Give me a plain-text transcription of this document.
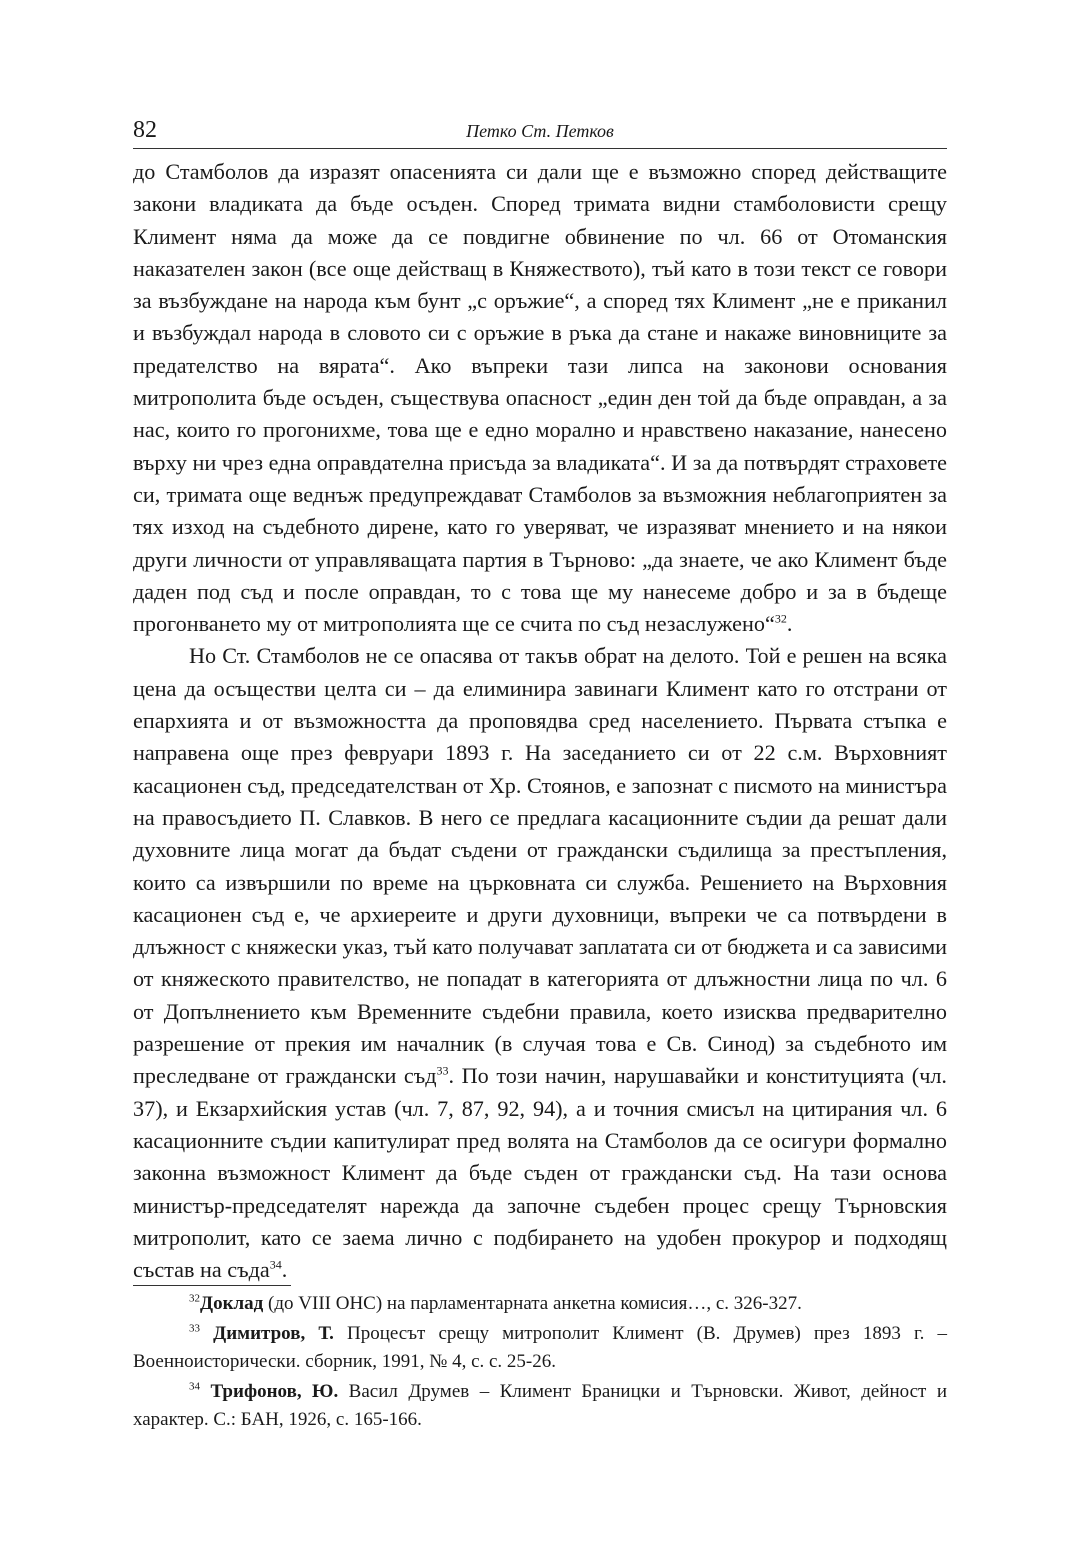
82	Петко Ст. Петков

до Стамболов да изразят опасенията си дали ще е възможно според действащите закони владиката да бъде осъден. Според тримата видни стамболовисти срещу Климент няма да може да се повдигне обвинение по чл. 66 от Отоманския наказателен закон (все още действащ в Княжеството), тъй като в този текст се говори за възбуждане на народа към бунт „с оръжие“, а според тях Климент „не е приканил и възбуждал народа в словото си с оръжие в ръка да стане и накаже виновниците за предателство на вярата“. Ако въпреки тази липса на законови основания митрополита бъде осъден, съществува опасност „един ден той да бъде оправдан, а за нас, които го прогонихме, това ще е едно морално и нравствено наказание, нанесено върху ни чрез една оправдателна присъда за владиката“. И за да потвърдят страховете си, тримата още веднъж предупреждават Стамболов за възможния неблагоприятен за тях изход на съдебното дирене, като го уверяват, че изразяват мнението и на някои други личности от управляващата партия в Търново: „да знаете, че ако Климент бъде даден под съд и после оправдан, то с това ще му нанесеме добро и за в бъдеще прогонването му от митрополията ще се счита по съд незаслужено“$^{32}$.

Но Ст. Стамболов не се опасява от такъв обрат на делото. Той е решен на всяка цена да осъществи целта си – да елиминира завинаги Климент като го отстрани от епархията и от възможността да проповядва сред населението. Първата стъпка е направена още през февруари 1893 г. На заседанието си от 22 с.м. Върховният касационен съд, председателстван от Хр. Стоянов, е запознат с писмото на министъра на правосъдието П. Славков. В него се предлага касационните съдии да решат дали духовните лица могат да бъдат съдени от граждански съдилища за престъпления, които са извършили по време на църковната си служба. Решението на Върховния касационен съд е, че архиереите и други духовници, въпреки че са потвърдени в длъжност с княжески указ, тъй като получават заплатата си от бюджета и са зависими от княжеското правителство, не попадат в категорията от длъжностни лица по чл. 6 от Допълнението към Временните съдебни правила, което изисква предварително разрешение от прекия им началник (в случая това е Св. Синод) за съдебното им преследване от граждански съд$^{33}$. По този начин, нарушавайки и конституцията (чл. 37), и Екзархийския устав (чл. 7, 87, 92, 94), а и точния смисъл на цитирания чл. 6 касационните съдии капитулират пред волята на Стамболов да се осигури формално законна възможност Климент да бъде съден от граждански съд. На тази основа министър-председателят нарежда да започне съдебен процес срещу Търновския митрополит, като се заема лично с подбирането на удобен прокурор и подходящ състав на съда$^{34}$.

$^{32}$Доклад (до VIII ОНС) на парламентарната анкетна комисия…, с. 326-327.

$^{33}$ Димитров, Т. Процесът срещу митрополит Климент (В. Друмев) през 1893 г. – Военноисторически. сборник, 1991, № 4, с. с. 25-26.

$^{34}$ Трифонов, Ю. Васил Друмев – Климент Браницки и Търновски. Живот, дейност и характер. С.: БАН, 1926, с. 165-166.
